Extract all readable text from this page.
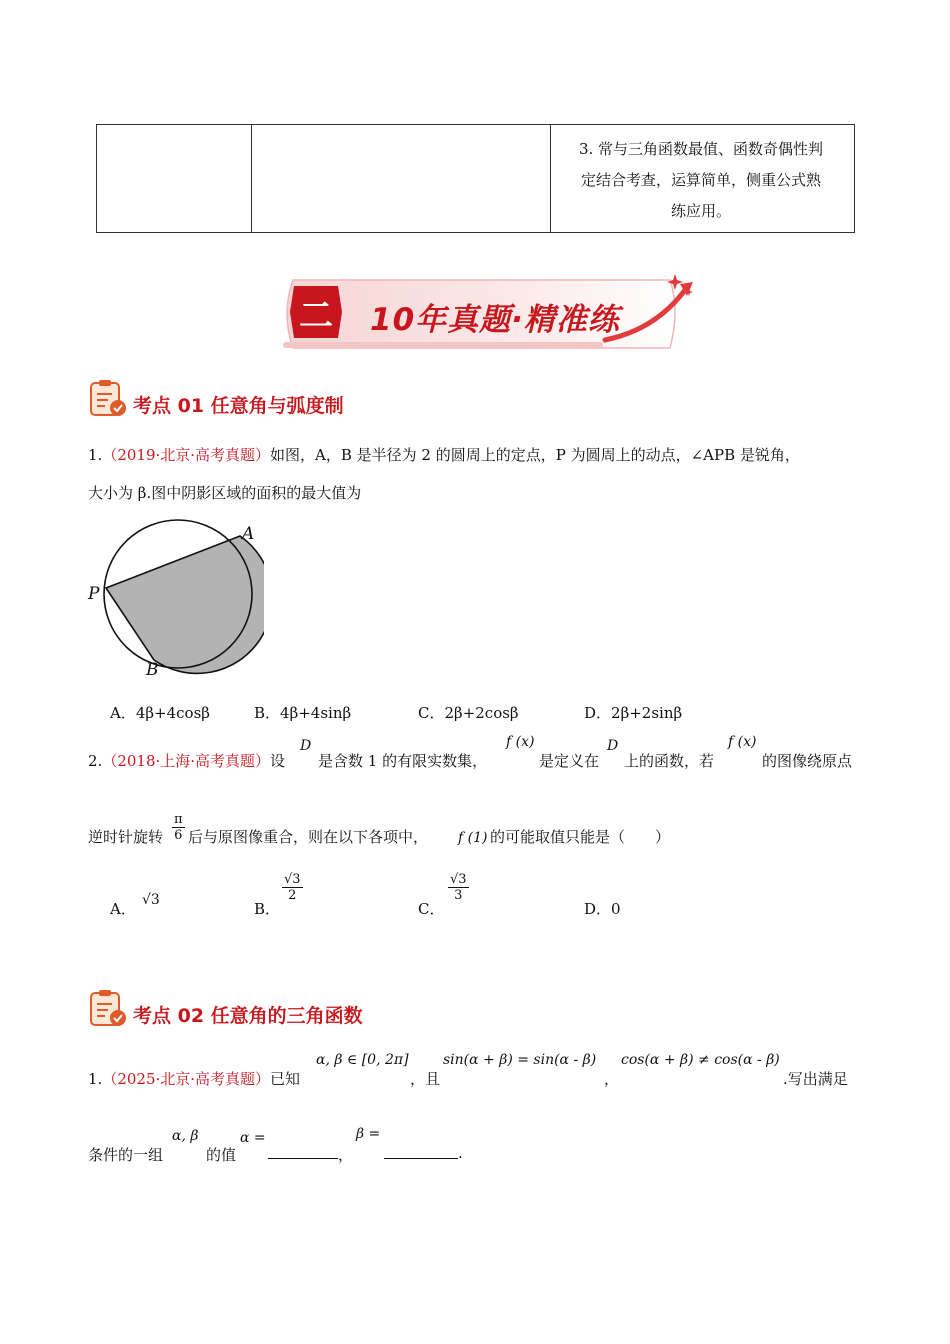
3. 常与三角函数最值、函数奇偶性判
定结合考查，运算简单，侧重公式熟
练应用。
二	10年真题·精准练
考点 01 任意角与弧度制
1.（2019·北京·高考真题）如图，A，B 是半径为 2 的圆周上的定点，P 为圆周上的动点，∠APB 是锐角，
大小为 β.图中阴影区域的面积的最大值为
A
P
B
A．4β+4cosβ	B．4β+4sinβ	C．2β+2cosβ	D．2β+2sinβ
2.（2018·上海·高考真题）设
D
是含数 1 的有限实数集，
f (x)
是定义在
D
上的函数，若
f (x)
的图像绕原点
逆时针旋转 $\frac{\pi}{6}$ 后与原图像重合，则在以下各项中， f (1) 的可能取值只能是（　　）
A． √3	B．
$\frac{√3}{2}$
C．
$\frac{√3}{3}$
D．0
考点 02 任意角的三角函数
1.（2025·北京·高考真题）已知
α, β ∈ [0, 2π]
，且
sin(α + β) = sin(α - β)
，
cos(α + β) ≠ cos(α - β)
.写出满足
条件的一组
α, β
的值
α =
，
β =
.
